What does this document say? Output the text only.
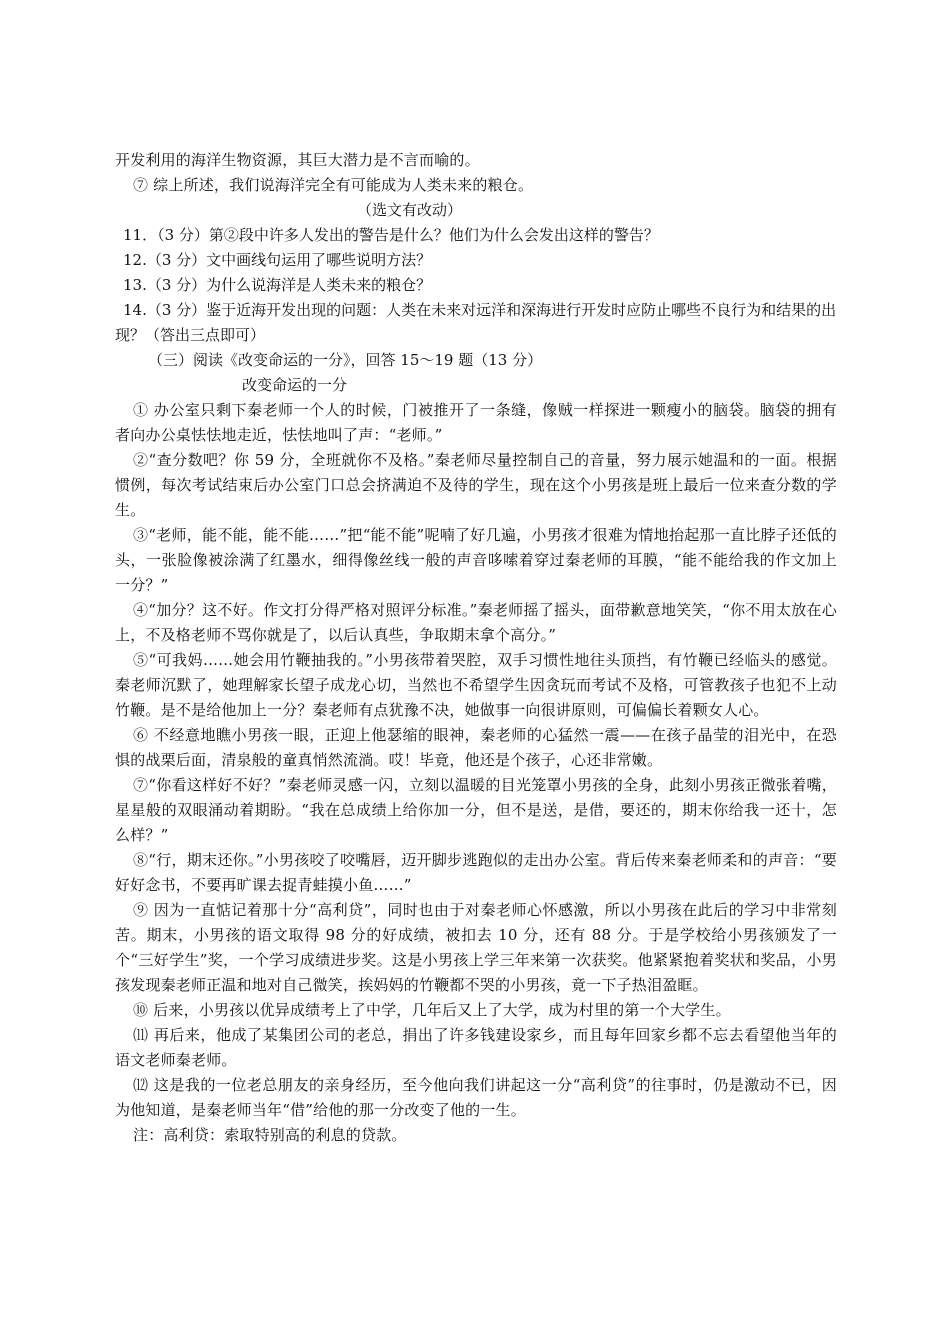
开发利用的海洋生物资源，其巨大潜力是不言而喻的。

⑦ 综上所述，我们说海洋完全有可能成为人类未来的粮仓。

（选文有改动）

11．（3 分）第②段中许多人发出的警告是什么？他们为什么会发出这样的警告？

12.（3 分）文中画线句运用了哪些说明方法？

13.（3 分）为什么说海洋是人类未来的粮仓？

14.（3 分）鉴于近海开发出现的问题：人类在未来对远洋和深海进行开发时应防止哪些不良行为和结果的出现？（答出三点即可）

（三）阅读《改变命运的一分》，回答 15～19 题（13 分）

改变命运的一分

① 办公室只剩下秦老师一个人的时候，门被推开了一条缝，像贼一样探进一颗瘦小的脑袋。脑袋的拥有者向办公桌怯怯地走近，怯怯地叫了声：“老师。”

②“查分数吧？你 59 分，全班就你不及格。”秦老师尽量控制自己的音量，努力展示她温和的一面。根据惯例，每次考试结束后办公室门口总会挤满迫不及待的学生，现在这个小男孩是班上最后一位来查分数的学生。

③“老师，能不能，能不能……”把“能不能”呢喃了好几遍，小男孩才很难为情地抬起那一直比脖子还低的头，一张脸像被涂满了红墨水，细得像丝线一般的声音哆嗦着穿过秦老师的耳膜，“能不能给我的作文加上一分？”

④“加分？这不好。作文打分得严格对照评分标准。”秦老师摇了摇头，面带歉意地笑笑，“你不用太放在心上，不及格老师不骂你就是了，以后认真些，争取期末拿个高分。”

⑤“可我妈……她会用竹鞭抽我的。”小男孩带着哭腔，双手习惯性地往头顶挡，有竹鞭已经临头的感觉。秦老师沉默了，她理解家长望子成龙心切，当然也不希望学生因贪玩而考试不及格，可管教孩子也犯不上动竹鞭。是不是给他加上一分？秦老师有点犹豫不决，她做事一向很讲原则，可偏偏长着颗女人心。

⑥ 不经意地瞧小男孩一眼，正迎上他瑟缩的眼神，秦老师的心猛然一震——在孩子晶莹的泪光中，在恐惧的战栗后面，清泉般的童真悄然流淌。哎！毕竟，他还是个孩子，心还非常嫩。

⑦“你看这样好不好？”秦老师灵感一闪，立刻以温暖的目光笼罩小男孩的全身，此刻小男孩正微张着嘴，星星般的双眼涌动着期盼。“我在总成绩上给你加一分，但不是送，是借，要还的，期末你给我一还十，怎么样？”

⑧“行，期末还你。”小男孩咬了咬嘴唇，迈开脚步逃跑似的走出办公室。背后传来秦老师柔和的声音：“要好好念书，不要再旷课去捉青蛙摸小鱼……”

⑨ 因为一直惦记着那十分“高利贷”，同时也由于对秦老师心怀感激，所以小男孩在此后的学习中非常刻苦。期末，小男孩的语文取得 98 分的好成绩，被扣去 10 分，还有 88 分。于是学校给小男孩颁发了一个“三好学生”奖，一个学习成绩进步奖。这是小男孩上学三年来第一次获奖。他紧紧抱着奖状和奖品，小男孩发现秦老师正温和地对自己微笑，挨妈妈的竹鞭都不哭的小男孩，竟一下子热泪盈眶。

⑩ 后来，小男孩以优异成绩考上了中学，几年后又上了大学，成为村里的第一个大学生。

⑾ 再后来，他成了某集团公司的老总，捐出了许多钱建设家乡，而且每年回家乡都不忘去看望他当年的语文老师秦老师。

⑿ 这是我的一位老总朋友的亲身经历，至今他向我们讲起这一分“高利贷”的往事时，仍是激动不已，因为他知道，是秦老师当年“借”给他的那一分改变了他的一生。

注：高利贷：索取特别高的利息的贷款。
